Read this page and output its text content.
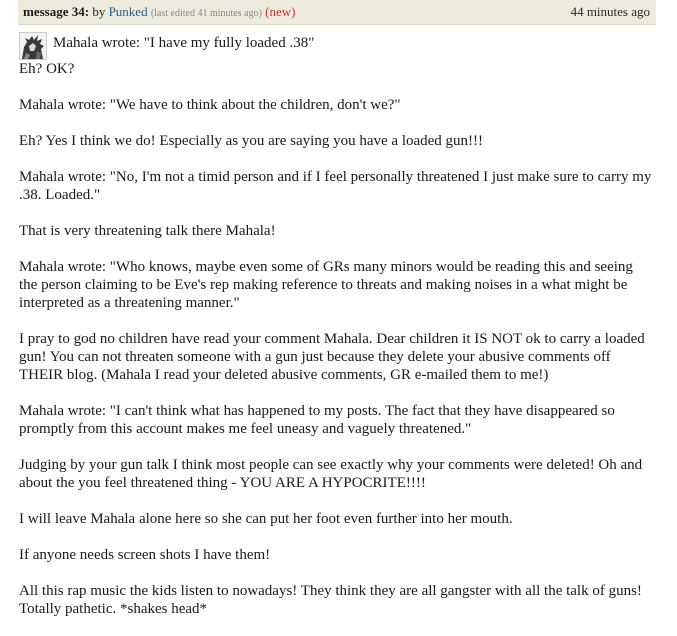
message 34: by Punked (last edited 41 minutes ago) (new)	44 minutes ago

Mahala wrote: "I have my fully loaded .38"

Eh? OK?

Mahala wrote: "We have to think about the children, don't we?"

Eh? Yes I think we do! Especially as you are saying you have a loaded gun!!!

Mahala wrote: "No, I'm not a timid person and if I feel personally threatened I just make sure to carry my .38. Loaded."

That is very threatening talk there Mahala!

Mahala wrote: "Who knows, maybe even some of GRs many minors would be reading this and seeing the person claiming to be Eve's rep making reference to threats and making noises in a what might be interpreted as a threatening manner."

I pray to god no children have read your comment Mahala. Dear children it IS NOT ok to carry a loaded gun! You can not threaten someone with a gun just because they delete your abusive comments off THEIR blog. (Mahala I read your deleted abusive comments, GR e-mailed them to me!)

Mahala wrote: "I can't think what has happened to my posts. The fact that they have disappeared so promptly from this account makes me feel uneasy and vaguely threatened."

Judging by your gun talk I think most people can see exactly why your comments were deleted! Oh and about the you feel threatened thing - YOU ARE A HYPOCRITE!!!!

I will leave Mahala alone here so she can put her foot even further into her mouth.

If anyone needs screen shots I have them!

All this rap music the kids listen to nowadays! They think they are all gangster with all the talk of guns! Totally pathetic. *shakes head*
